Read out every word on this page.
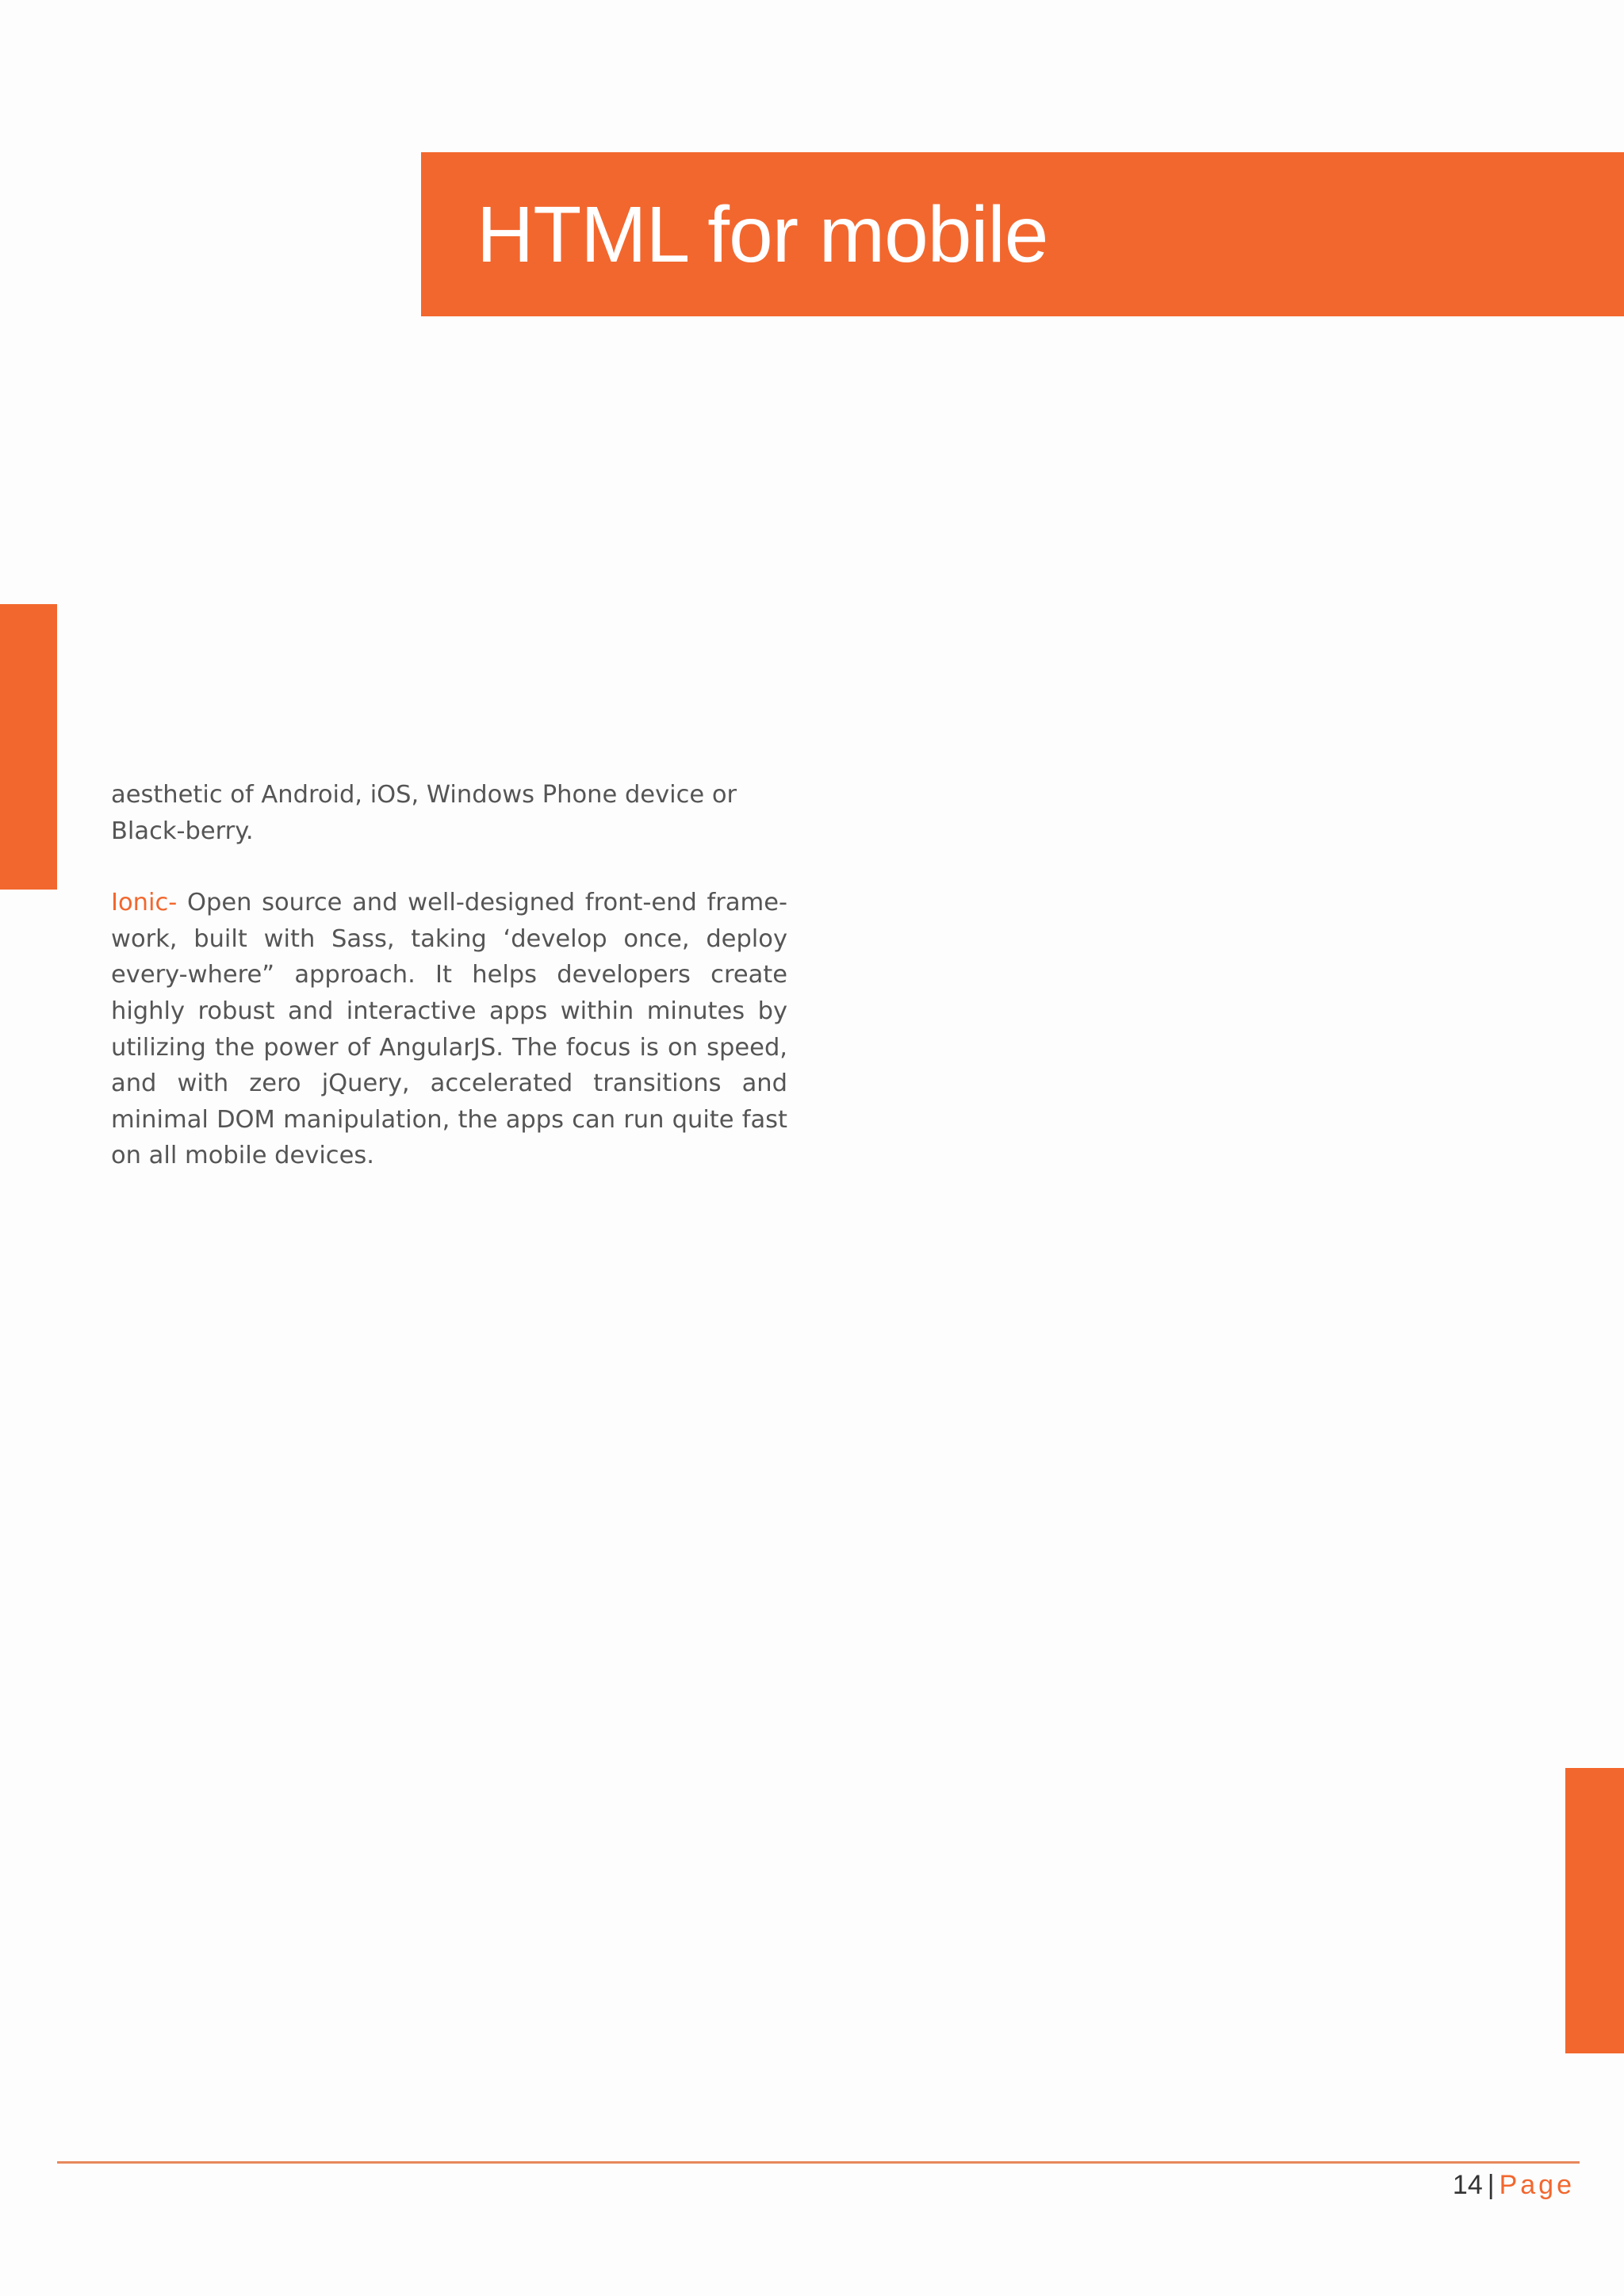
HTML for mobile

aesthetic of Android, iOS, Windows Phone device or Black-berry.

Ionic- Open source and well-designed front-end frame-work, built with Sass, taking ‘develop once, deploy every-where” approach. It helps developers create highly robust and interactive apps within minutes by utilizing the power of AngularJS. The focus is on speed, and with zero jQuery, accelerated transitions and minimal DOM manipulation, the apps can run quite fast on all mobile devices.

14 | Page
